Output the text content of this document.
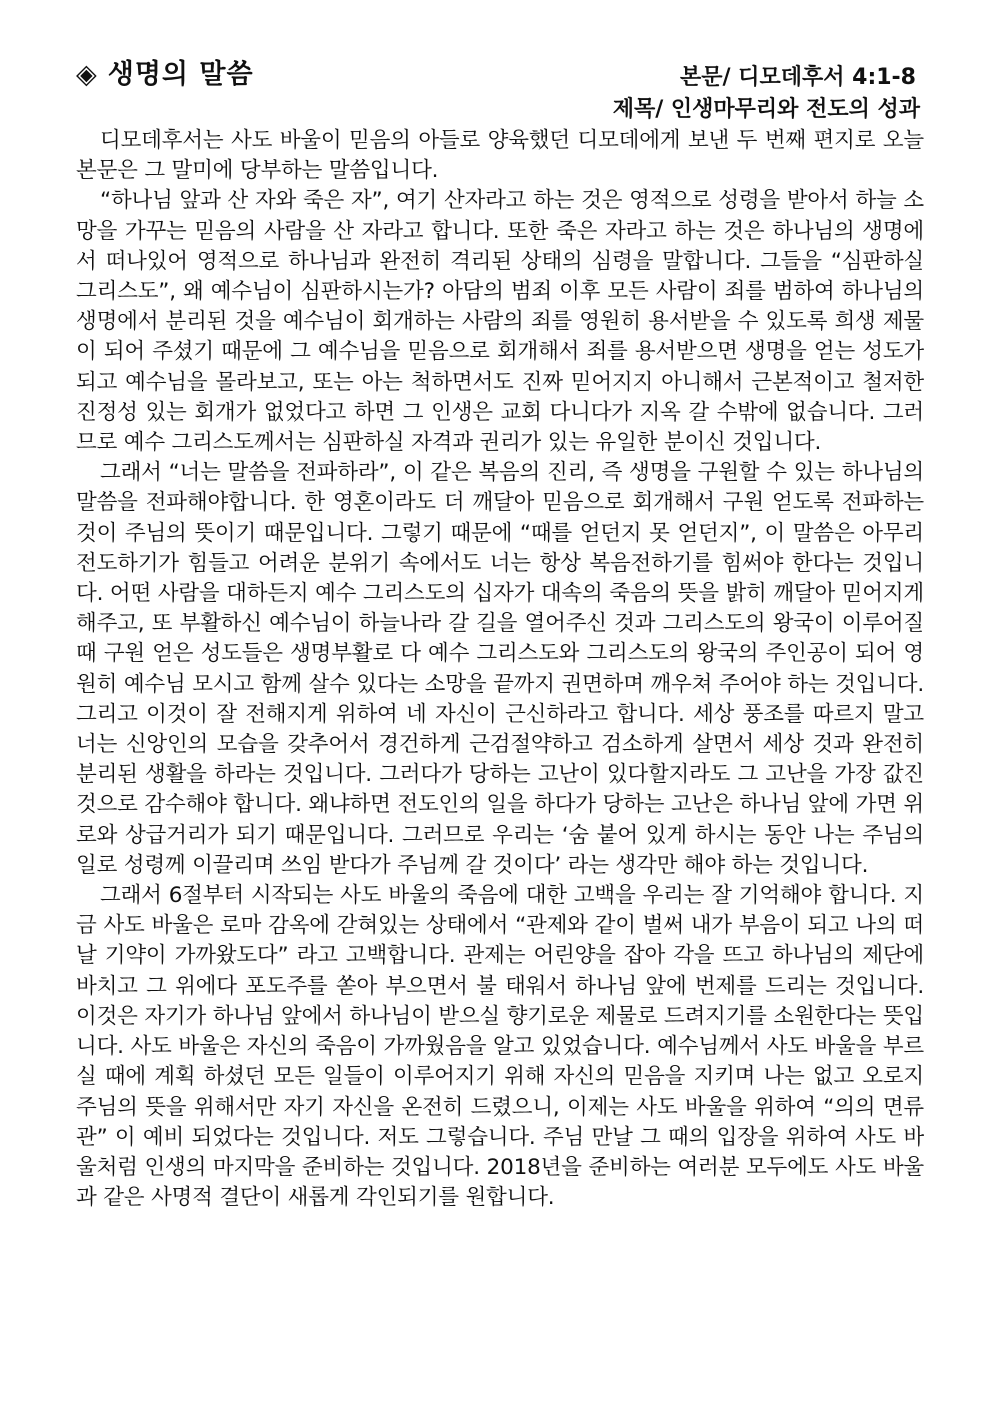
◈ 생명의 말씀	본문/ 디모데후서 4:1-8
제목/ 인생마무리와 전도의 성과

디모데후서는 사도 바울이 믿음의 아들로 양육했던 디모데에게 보낸 두 번째 편지로 오늘 본문은 그 말미에 당부하는 말씀입니다.

“하나님 앞과 산 자와 죽은 자”, 여기 산자라고 하는 것은 영적으로 성령을 받아서 하늘 소망을 가꾸는 믿음의 사람을 산 자라고 합니다. 또한 죽은 자라고 하는 것은 하나님의 생명에서 떠나있어 영적으로 하나님과 완전히 격리된 상태의 심령을 말합니다. 그들을 “심판하실 그리스도”, 왜 예수님이 심판하시는가? 아담의 범죄 이후 모든 사람이 죄를 범하여 하나님의 생명에서 분리된 것을 예수님이 회개하는 사람의 죄를 영원히 용서받을 수 있도록 희생 제물이 되어 주셨기 때문에 그 예수님을 믿음으로 회개해서 죄를 용서받으면 생명을 얻는 성도가 되고 예수님을 몰라보고, 또는 아는 척하면서도 진짜 믿어지지 아니해서 근본적이고 철저한 진정성 있는 회개가 없었다고 하면 그 인생은 교회 다니다가 지옥 갈 수밖에 없습니다. 그러므로 예수 그리스도께서는 심판하실 자격과 권리가 있는 유일한 분이신 것입니다.

그래서 “너는 말씀을 전파하라”, 이 같은 복음의 진리, 즉 생명을 구원할 수 있는 하나님의 말씀을 전파해야합니다. 한 영혼이라도 더 깨달아 믿음으로 회개해서 구원 얻도록 전파하는 것이 주님의 뜻이기 때문입니다. 그렇기 때문에 “때를 얻던지 못 얻던지”, 이 말씀은 아무리 전도하기가 힘들고 어려운 분위기 속에서도 너는 항상 복음전하기를 힘써야 한다는 것입니다. 어떤 사람을 대하든지 예수 그리스도의 십자가 대속의 죽음의 뜻을 밝히 깨달아 믿어지게 해주고, 또 부활하신 예수님이 하늘나라 갈 길을 열어주신 것과 그리스도의 왕국이 이루어질 때 구원 얻은 성도들은 생명부활로 다 예수 그리스도와 그리스도의 왕국의 주인공이 되어 영원히 예수님 모시고 함께 살수 있다는 소망을 끝까지 권면하며 깨우쳐 주어야 하는 것입니다. 그리고 이것이 잘 전해지게 위하여 네 자신이 근신하라고 합니다. 세상 풍조를 따르지 말고 너는 신앙인의 모습을 갖추어서 경건하게 근검절약하고 검소하게 살면서 세상 것과 완전히 분리된 생활을 하라는 것입니다. 그러다가 당하는 고난이 있다할지라도 그 고난을 가장 값진 것으로 감수해야 합니다. 왜냐하면 전도인의 일을 하다가 당하는 고난은 하나님 앞에 가면 위로와 상급거리가 되기 때문입니다. 그러므로 우리는 ‘숨 붙어 있게 하시는 동안 나는 주님의 일로 성령께 이끌리며 쓰임 받다가 주님께 갈 것이다’ 라는 생각만 해야 하는 것입니다.

그래서 6절부터 시작되는 사도 바울의 죽음에 대한 고백을 우리는 잘 기억해야 합니다. 지금 사도 바울은 로마 감옥에 갇혀있는 상태에서 “관제와 같이 벌써 내가 부음이 되고 나의 떠날 기약이 가까왔도다” 라고 고백합니다. 관제는 어린양을 잡아 각을 뜨고 하나님의 제단에 바치고 그 위에다 포도주를 쏟아 부으면서 불 태워서 하나님 앞에 번제를 드리는 것입니다. 이것은 자기가 하나님 앞에서 하나님이 받으실 향기로운 제물로 드려지기를 소원한다는 뜻입니다. 사도 바울은 자신의 죽음이 가까웠음을 알고 있었습니다. 예수님께서 사도 바울을 부르실 때에 계획 하셨던 모든 일들이 이루어지기 위해 자신의 믿음을 지키며 나는 없고 오로지 주님의 뜻을 위해서만 자기 자신을 온전히 드렸으니, 이제는 사도 바울을 위하여 “의의 면류관” 이 예비 되었다는 것입니다. 저도 그렇습니다. 주님 만날 그 때의 입장을 위하여 사도 바울처럼 인생의 마지막을 준비하는 것입니다. 2018년을 준비하는 여러분 모두에도 사도 바울과 같은 사명적 결단이 새롭게 각인되기를 원합니다.
